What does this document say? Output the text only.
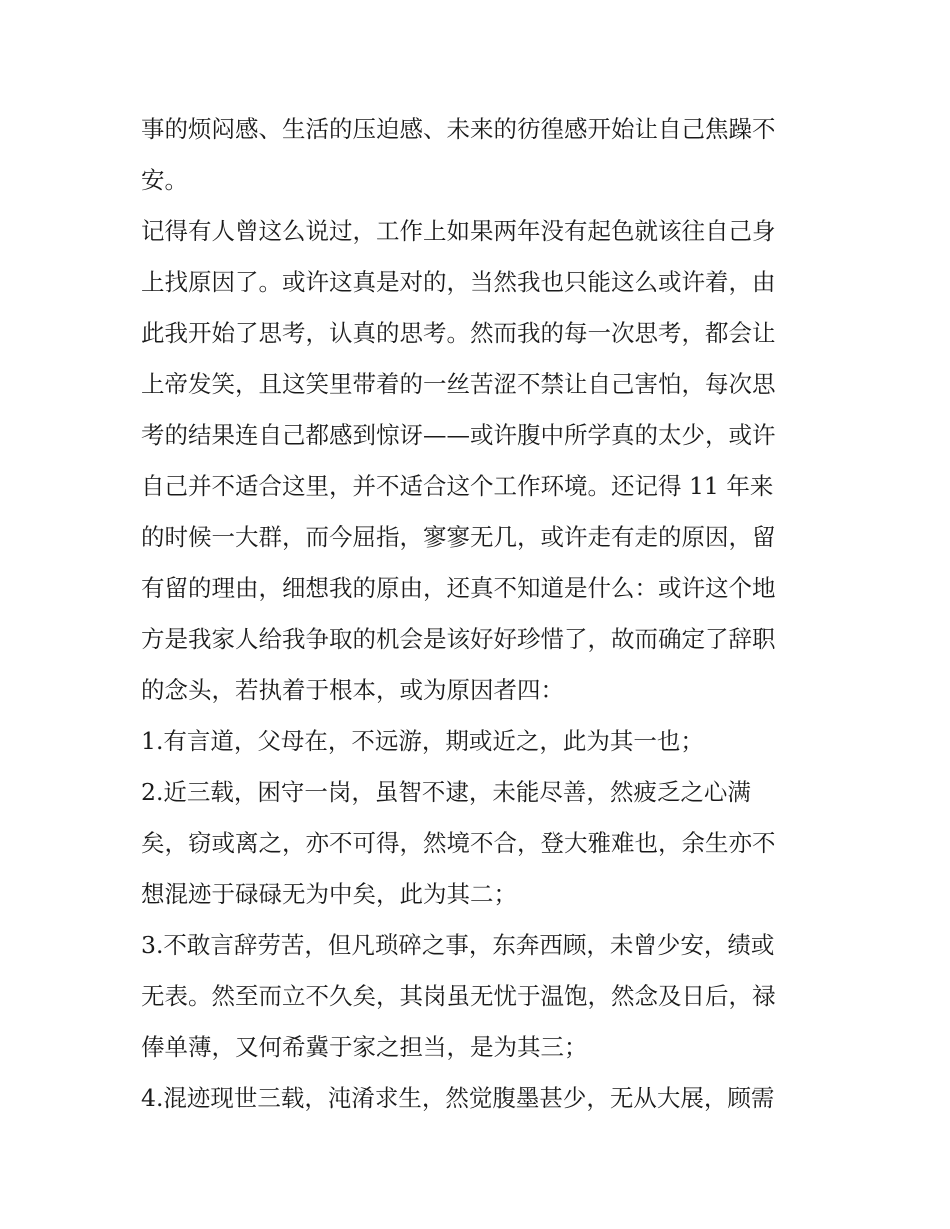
事的烦闷感、生活的压迫感、未来的彷徨感开始让自己焦躁不
安。
记得有人曾这么说过，工作上如果两年没有起色就该往自己身
上找原因了。或许这真是对的，当然我也只能这么或许着，由
此我开始了思考，认真的思考。然而我的每一次思考，都会让
上帝发笑，且这笑里带着的一丝苦涩不禁让自己害怕，每次思
考的结果连自己都感到惊讶——或许腹中所学真的太少，或许
自己并不适合这里，并不适合这个工作环境。还记得 11 年来
的时候一大群，而今屈指，寥寥无几，或许走有走的原因，留
有留的理由，细想我的原由，还真不知道是什么：或许这个地
方是我家人给我争取的机会是该好好珍惜了，故而确定了辞职
的念头，若执着于根本，或为原因者四：
1.有言道，父母在，不远游，期或近之，此为其一也；
2.近三载，困守一岗，虽智不逮，未能尽善，然疲乏之心满
矣，窃或离之，亦不可得，然境不合，登大雅难也，余生亦不
想混迹于碌碌无为中矣，此为其二；
3.不敢言辞劳苦，但凡琐碎之事，东奔西顾，未曾少安，绩或
无表。然至而立不久矣，其岗虽无忧于温饱，然念及日后，禄
俸单薄，又何希冀于家之担当，是为其三；
4.混迹现世三载，沌淆求生，然觉腹墨甚少，无从大展，顾需
